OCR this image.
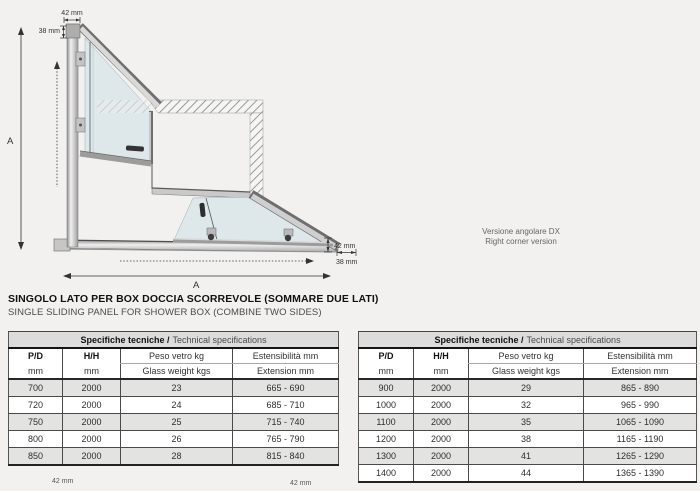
42 mm
38 mm
A
42 mm
38 mm
A
Versione angolare DX
Right corner version
SINGOLO LATO PER BOX DOCCIA SCORREVOLE (SOMMARE DUE LATI)
SINGLE SLIDING PANEL FOR SHOWER BOX (COMBINE TWO SIDES)
Specifiche tecniche / Technical specifications			
P/D	H/H	Peso vetro kg	Estensibilità mm
mm	mm	Glass weight kgs	Extension mm
700	2000	23	665 - 690
720	2000	24	685 - 710
750	2000	25	715 - 740
800	2000	26	765 - 790
850	2000	28	815 - 840
Specifiche tecniche / Technical specifications			
P/D	H/H	Peso vetro kg	Estensibilità mm
mm	mm	Glass weight kgs	Extension mm
900	2000	29	865 - 890
1000	2000	32	965 - 990
1100	2000	35	1065 - 1090
1200	2000	38	1165 - 1190
1300	2000	41	1265 - 1290
1400	2000	44	1365 - 1390
42 mm	42 mm
